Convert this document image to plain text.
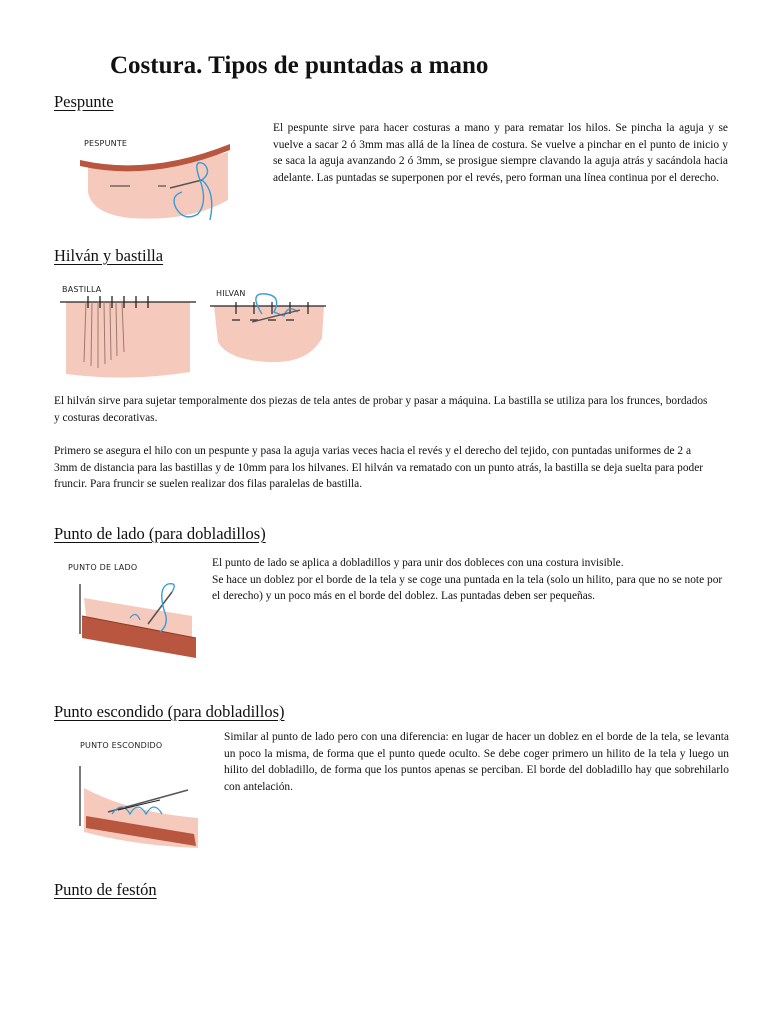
Costura. Tipos de puntadas a mano
Pespunte
PESPUNTE

El pespunte sirve para hacer costuras a mano y para rematar los hilos. Se pincha la aguja y se vuelve a sacar 2 ó 3mm mas allá de la línea de costura. Se vuelve a pinchar en el punto de inicio y se saca la aguja avanzando 2 ó 3mm, se prosigue siempre clavando la aguja atrás y sacándola hacia adelante. Las puntadas se superponen por el revés, pero forman una línea continua por el derecho.

Hilván y bastilla
BASTILLA	HILVAN

El hilván sirve para sujetar temporalmente dos piezas de tela antes de probar y pasar a máquina. La bastilla se utiliza para los frunces, bordados y costuras decorativas.

Primero se asegura el hilo con un pespunte y pasa la aguja varias veces hacia el revés y el derecho del tejido, con puntadas uniformes de 2 a 3mm de distancia para las bastillas y de 10mm para los hilvanes. El hilván va rematado con un punto atrás, la bastilla se deja suelta para poder fruncir. Para fruncir se suelen realizar dos filas paralelas de bastilla.

Punto de lado (para dobladillos)
PUNTO DE LADO	El punto de lado se aplica a dobladillos y para unir dos dobleces con una costura invisible.
Se hace un doblez por el borde de la tela y se coge una puntada en la tela (solo un hilito, para que no se note por el derecho) y un poco más en el borde del doblez. Las puntadas deben ser pequeñas.

Punto escondido (para dobladillos)
PUNTO ESCONDIDO

Similar al punto de lado pero con una diferencia: en lugar de hacer un doblez en el borde de la tela, se levanta un poco la misma, de forma que el punto quede oculto. Se debe coger primero un hilito de la tela y luego un hilito del dobladillo, de forma que los puntos apenas se perciban. El borde del dobladillo hay que sobrehilarlo con antelación.

Punto de festón
